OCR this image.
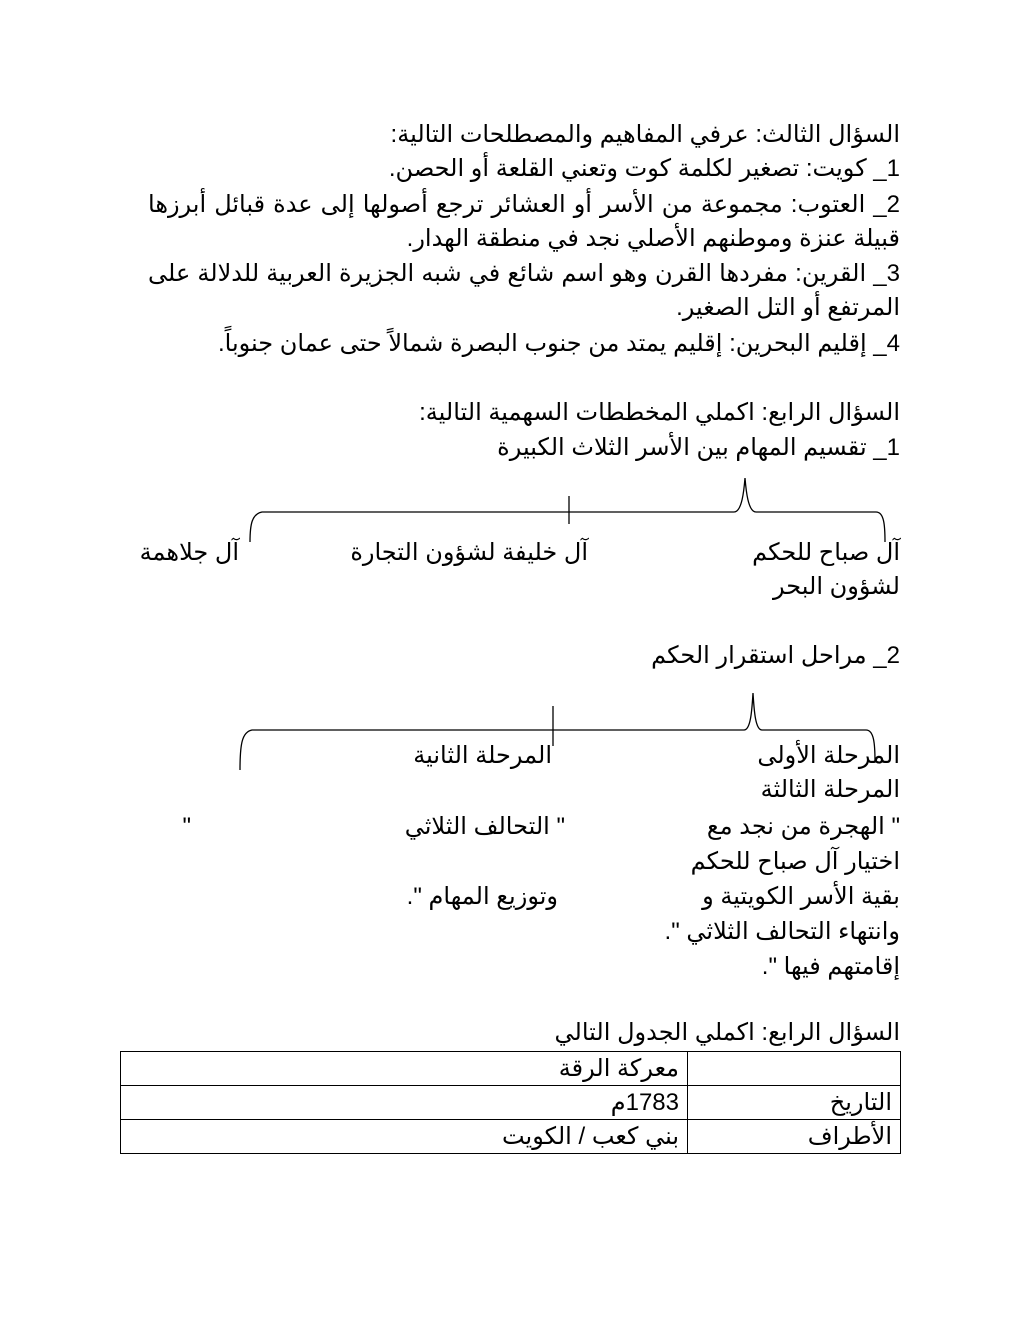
السؤال الثالث: عرفي المفاهيم والمصطلحات التالية:
1_ كويت: تصغير لكلمة كوت وتعني القلعة أو الحصن.
2_ العتوب: مجموعة من الأسر أو العشائر ترجع أصولها إلى عدة قبائل أبرزها
قبيلة عنزة وموطنهم الأصلي نجد في منطقة الهدار.
3_ القرين: مفردها القرن وهو اسم شائع في شبه الجزيرة العربية للدلالة على
المرتفع أو التل الصغير.
4_ إقليم البحرين: إقليم يمتد من جنوب البصرة شمالاً حتى عمان جنوباً.
السؤال الرابع: اكملي المخططات السهمية التالية:
1_ تقسيم المهام بين الأسر الثلاث الكبيرة
آل صباح للحكم
لشؤون البحر
آل خليفة لشؤون التجارة
آل جلاهمة
2_ مراحل استقرار الحكم
المرحلة الأولى
المرحلة الثانية
المرحلة الثالثة
" الهجرة من نجد مع
" التحالف الثلاثي
"
اختيار آل صباح للحكم
بقية الأسر الكويتية و
وتوزيع المهام ".
وانتهاء التحالف الثلاثي ".
إقامتهم فيها ".
السؤال الرابع: اكملي الجدول التالي
	معركة الرقة
التاريخ	1783م
الأطراف	بني كعب / الكويت
